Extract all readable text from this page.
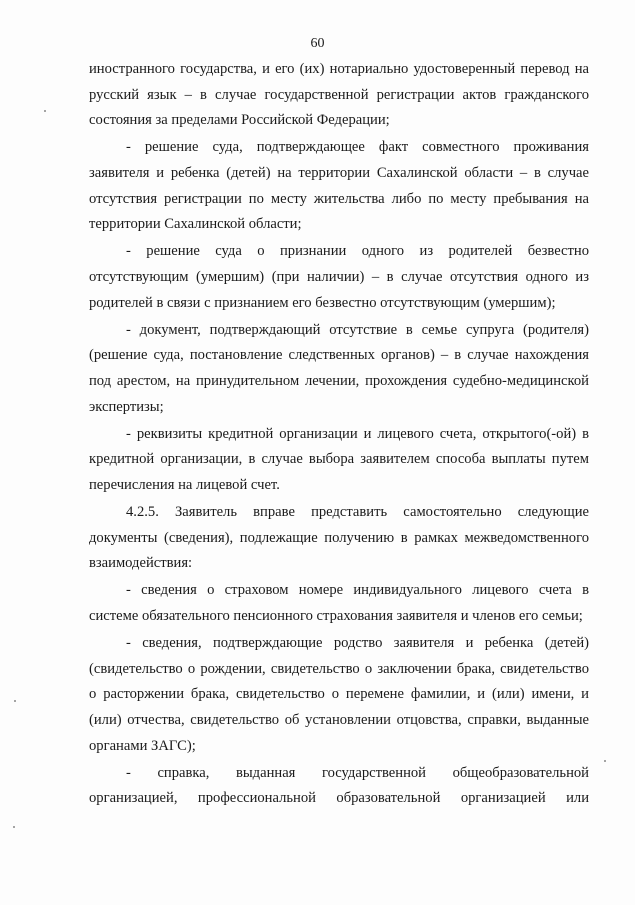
60

иностранного государства, и его (их) нотариально удостоверенный перевод на русский язык – в случае государственной регистрации актов гражданского состояния за пределами Российской Федерации;

- решение суда, подтверждающее факт совместного проживания заявителя и ребенка (детей) на территории Сахалинской области – в случае отсутствия регистрации по месту жительства либо по месту пребывания на территории Сахалинской области;

- решение суда о признании одного из родителей безвестно отсутствующим (умершим) (при наличии) – в случае отсутствия одного из родителей в связи с признанием его безвестно отсутствующим (умершим);

- документ, подтверждающий отсутствие в семье супруга (родителя) (решение суда, постановление следственных органов) – в случае нахождения под арестом, на принудительном лечении, прохождения судебно-медицинской экспертизы;

- реквизиты кредитной организации и лицевого счета, открытого(-ой) в кредитной организации, в случае выбора заявителем способа выплаты путем перечисления на лицевой счет.

4.2.5. Заявитель вправе представить самостоятельно следующие документы (сведения), подлежащие получению в рамках межведомственного взаимодействия:

- сведения о страховом номере индивидуального лицевого счета в системе обязательного пенсионного страхования заявителя и членов его семьи;

- сведения, подтверждающие родство заявителя и ребенка (детей) (свидетельство о рождении, свидетельство о заключении брака, свидетельство о расторжении брака, свидетельство о перемене фамилии, и (или) имени, и (или) отчества, свидетельство об установлении отцовства, справки, выданные органами ЗАГС);

- справка, выданная государственной общеобразовательной организацией, профессиональной образовательной организацией или
